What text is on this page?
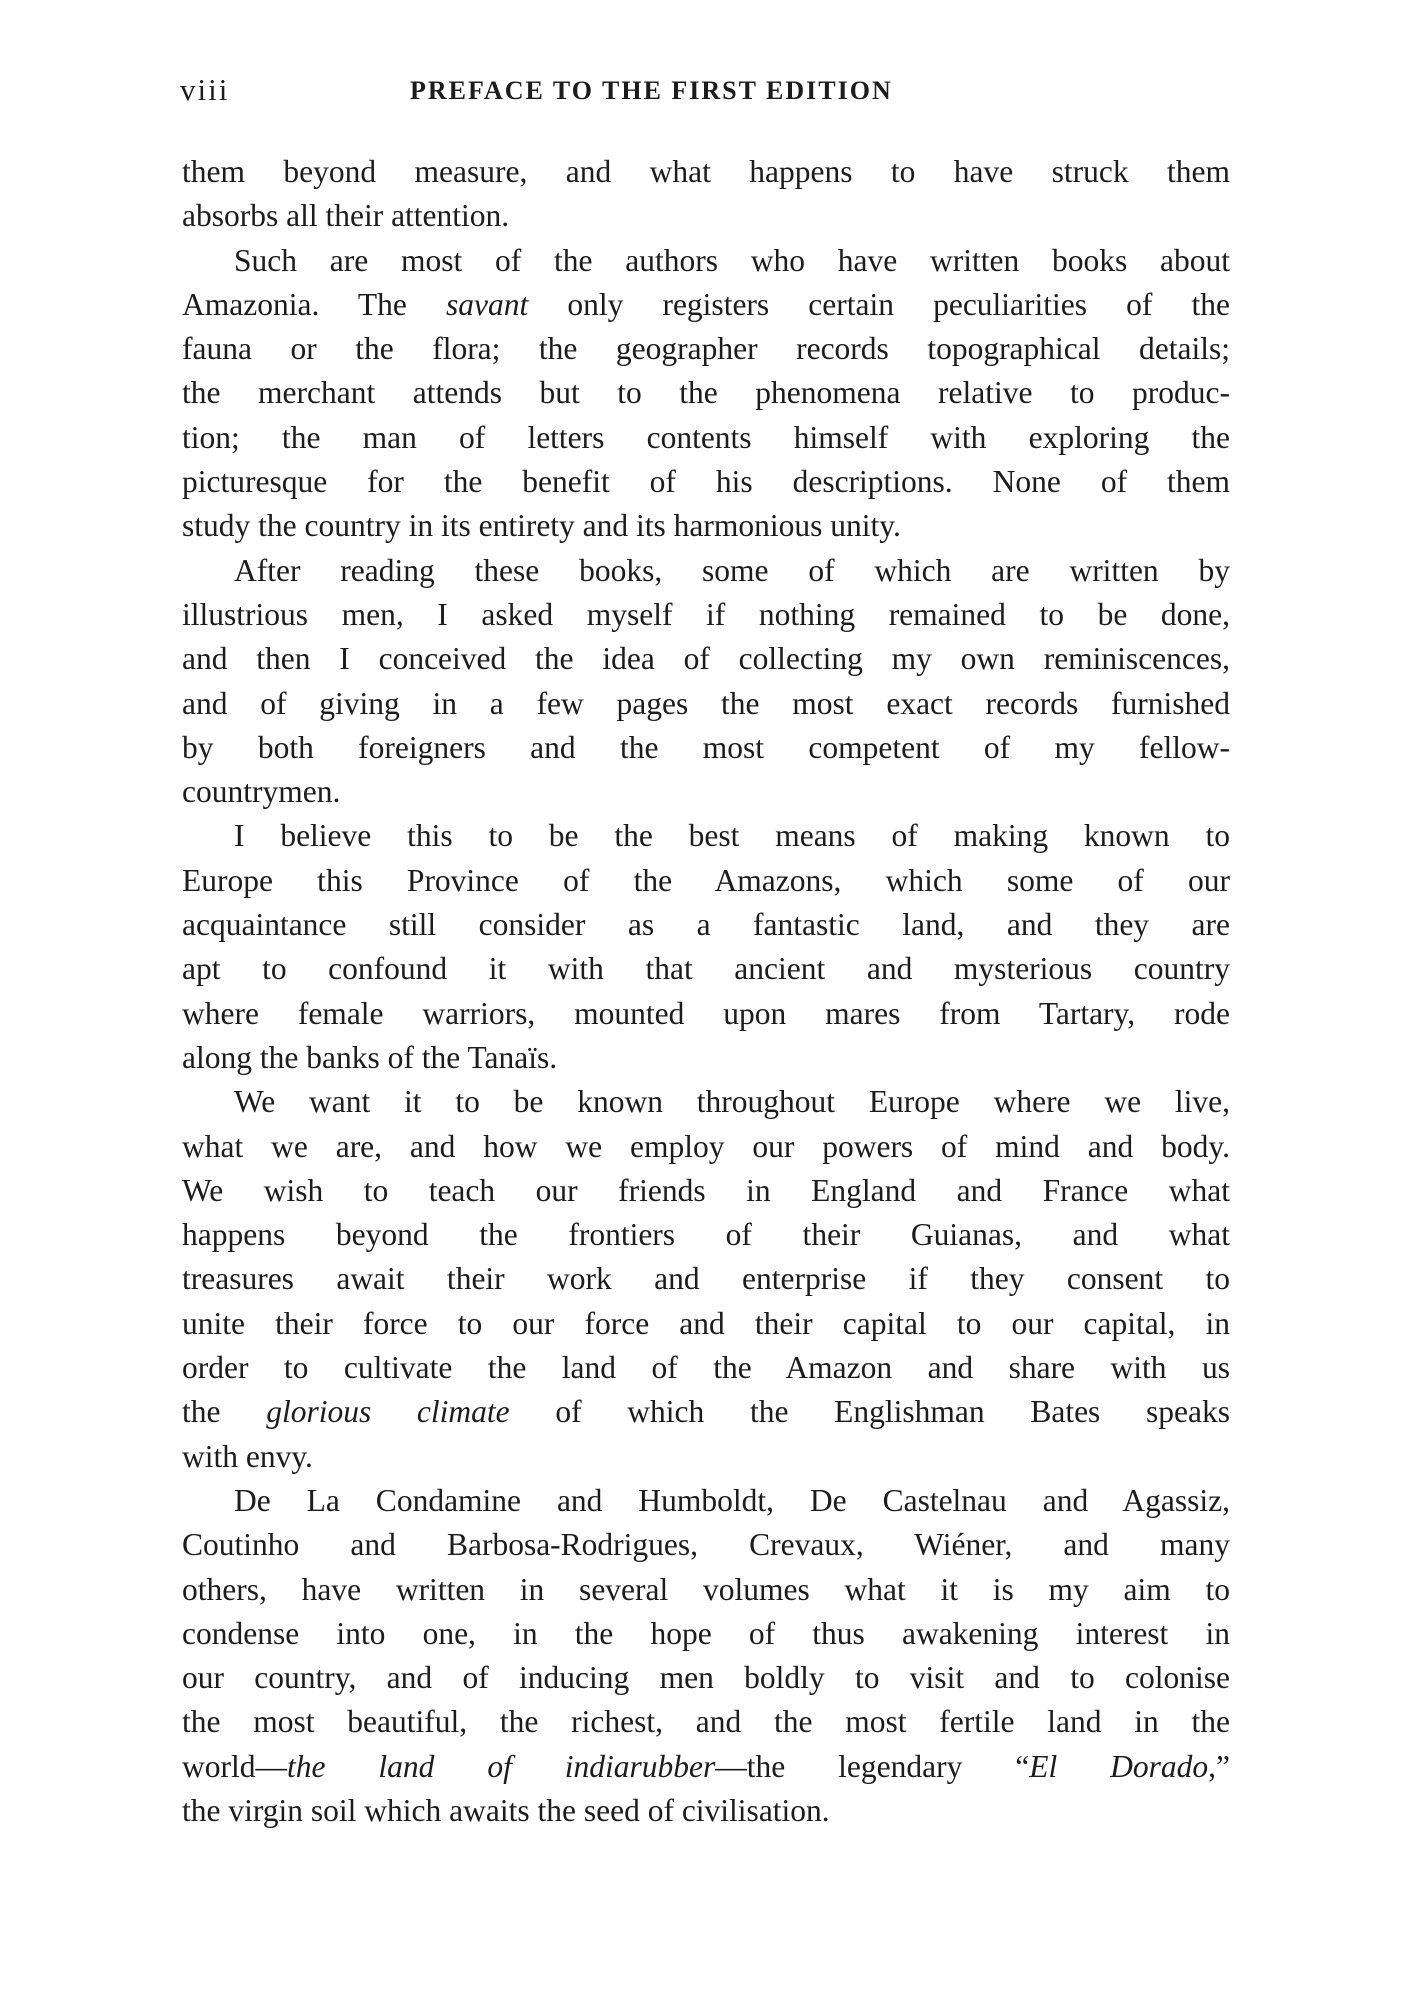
viii	PREFACE TO THE FIRST EDITION
them beyond measure, and what happens to have struck them
absorbs all their attention.
Such are most of the authors who have written books about
Amazonia. The savant only registers certain peculiarities of the
fauna or the flora; the geographer records topographical details;
the merchant attends but to the phenomena relative to produc-
tion; the man of letters contents himself with exploring the
picturesque for the benefit of his descriptions. None of them
study the country in its entirety and its harmonious unity.
After reading these books, some of which are written by
illustrious men, I asked myself if nothing remained to be done,
and then I conceived the idea of collecting my own reminiscences,
and of giving in a few pages the most exact records furnished
by both foreigners and the most competent of my fellow-
countrymen.
I believe this to be the best means of making known to
Europe this Province of the Amazons, which some of our
acquaintance still consider as a fantastic land, and they are
apt to confound it with that ancient and mysterious country
where female warriors, mounted upon mares from Tartary, rode
along the banks of the Tanaïs.
We want it to be known throughout Europe where we live,
what we are, and how we employ our powers of mind and body.
We wish to teach our friends in England and France what
happens beyond the frontiers of their Guianas, and what
treasures await their work and enterprise if they consent to
unite their force to our force and their capital to our capital, in
order to cultivate the land of the Amazon and share with us
the glorious climate of which the Englishman Bates speaks
with envy.
De La Condamine and Humboldt, De Castelnau and Agassiz,
Coutinho and Barbosa-Rodrigues, Crevaux, Wiéner, and many
others, have written in several volumes what it is my aim to
condense into one, in the hope of thus awakening interest in
our country, and of inducing men boldly to visit and to colonise
the most beautiful, the richest, and the most fertile land in the
world—the land of indiarubber—the legendary “El Dorado,”
the virgin soil which awaits the seed of civilisation.
